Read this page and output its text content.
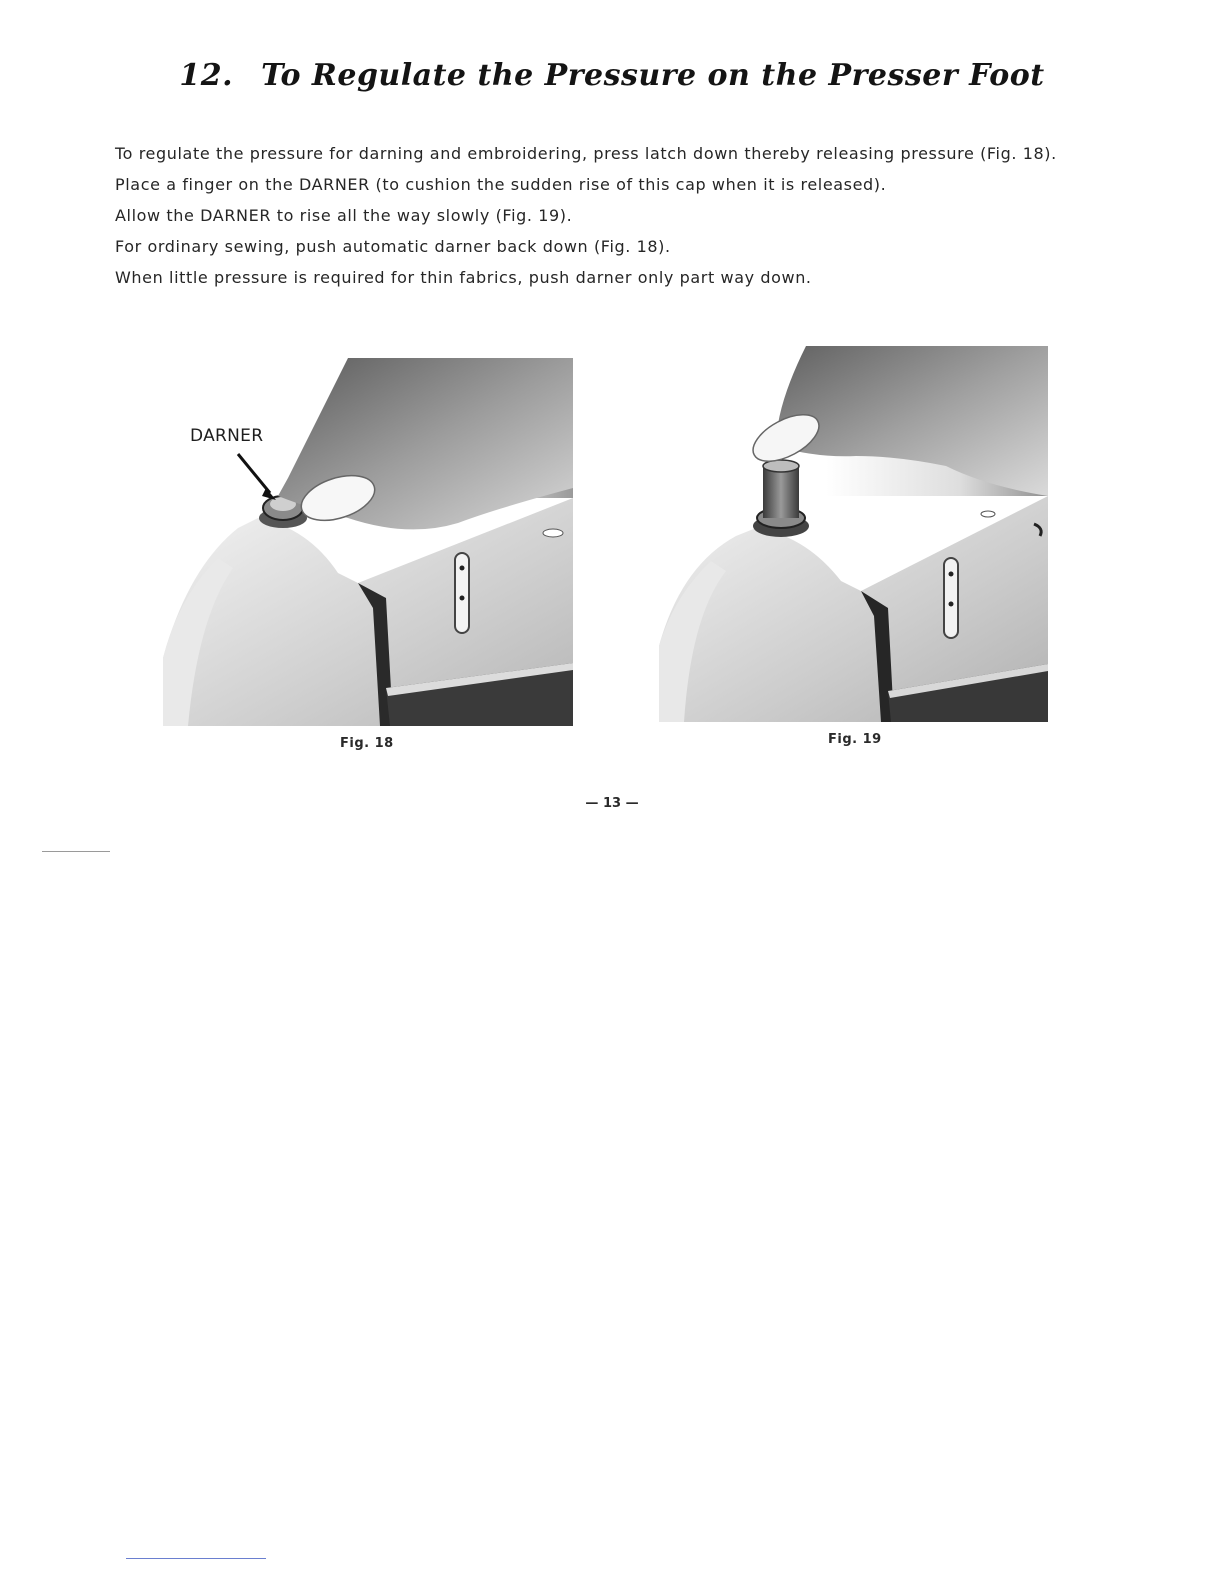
12. To Regulate the Pressure on the Presser Foot
To regulate the pressure for darning and embroidering, press latch down thereby releasing pressure (Fig. 18).
Place a finger on the DARNER (to cushion the sudden rise of this cap when it is released).
Allow the DARNER to rise all the way slowly (Fig. 19).
For ordinary sewing, push automatic darner back down (Fig. 18).
When little pressure is required for thin fabrics, push darner only part way down.
DARNER
Fig. 18	Fig. 19
— 13 —
